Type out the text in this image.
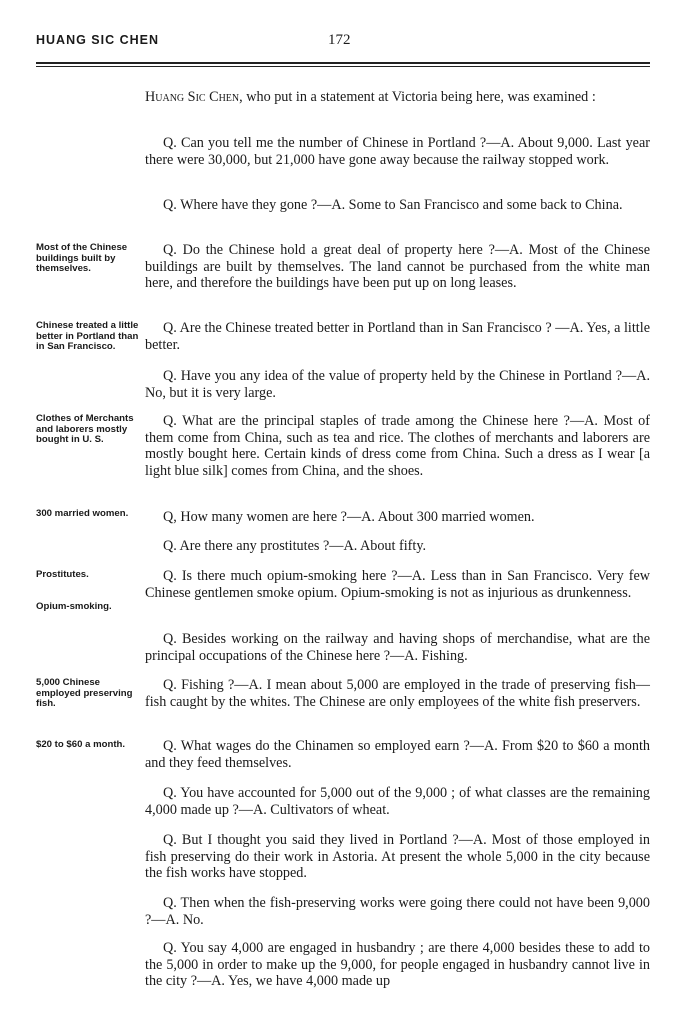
HUANG SIC CHEN	172

Huang Sic Chen, who put in a statement at Victoria being here, was examined :

Q. Can you tell me the number of Chinese in Portland ?—A. About 9,000. Last year there were 30,000, but 21,000 have gone away because the railway stopped work.

Q. Where have they gone ?—A. Some to San Francisco and some back to China.

Q. Do the Chinese hold a great deal of property here ?—A. Most of the Chinese buildings are built by themselves. The land cannot be purchased from the white man here, and therefore the buildings have been put up on long leases.

Q. Are the Chinese treated better in Portland than in San Francisco ? —A. Yes, a little better.

Q. Have you any idea of the value of property held by the Chinese in Portland ?—A. No, but it is very large.

Q. What are the principal staples of trade among the Chinese here ?—A. Most of them come from China, such as tea and rice. The clothes of merchants and laborers are mostly bought here. Certain kinds of dress come from China. Such a dress as I wear [a light blue silk] comes from China, and the shoes.

Q, How many women are here ?—A. About 300 married women.

Q. Are there any prostitutes ?—A. About fifty.

Q. Is there much opium-smoking here ?—A. Less than in San Francisco. Very few Chinese gentlemen smoke opium. Opium-smoking is not as injurious as drunkenness.

Q. Besides working on the railway and having shops of merchandise, what are the principal occupations of the Chinese here ?—A. Fishing.

Q. Fishing ?—A. I mean about 5,000 are employed in the trade of preserving fish—fish caught by the whites. The Chinese are only employees of the white fish preservers.

Q. What wages do the Chinamen so employed earn ?—A. From $20 to $60 a month and they feed themselves.

Q. You have accounted for 5,000 out of the 9,000 ; of what classes are the remaining 4,000 made up ?—A. Cultivators of wheat.

Q. But I thought you said they lived in Portland ?—A. Most of those employed in fish preserving do their work in Astoria. At present the whole 5,000 in the city because the fish works have stopped.

Q. Then when the fish-preserving works were going there could not have been 9,000 ?—A. No.

Q. You say 4,000 are engaged in husbandry ; are there 4,000 besides these to add to the 5,000 in order to make up the 9,000, for people engaged in husbandry cannot live in the city ?—A. Yes, we have 4,000 made up

Most of the Chinese buildings built by themselves.
Chinese treated a little better in Portland than in San Francisco.
Clothes of Merchants and laborers mostly bought in U. S.
300 married women.
Prostitutes.
Opium-smoking.
5,000 Chinese employed preserving fish.
$20 to $60 a month.
